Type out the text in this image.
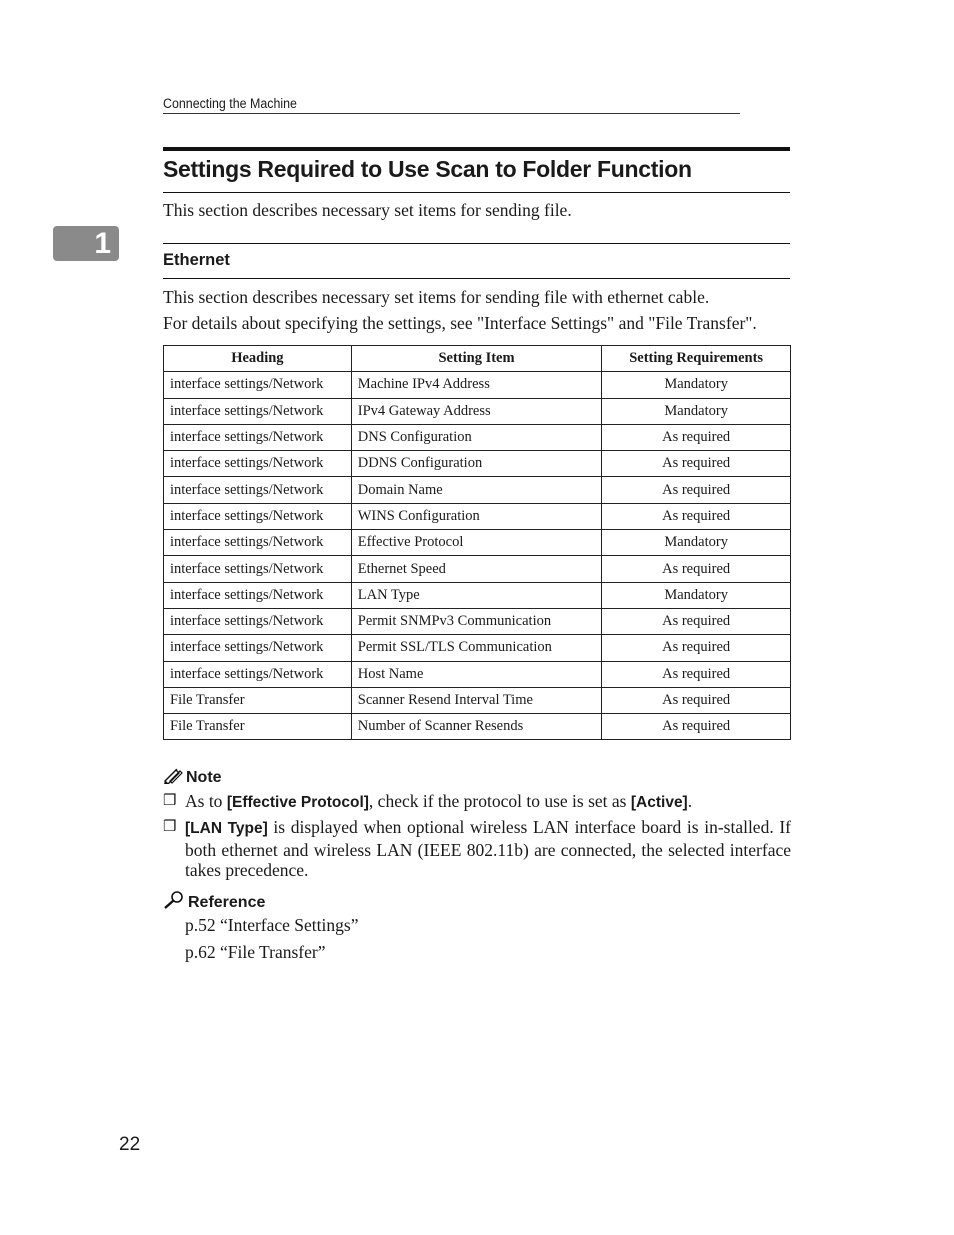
Connecting the Machine
Settings Required to Use Scan to Folder Function
This section describes necessary set items for sending file.
1	Ethernet
This section describes necessary set items for sending file with ethernet cable.
For details about specifying the settings, see "Interface Settings" and "File Transfer".
Heading	Setting Item	Setting Requirements
interface settings/Network	Machine IPv4 Address	Mandatory
interface settings/Network	IPv4 Gateway Address	Mandatory
interface settings/Network	DNS Configuration	As required
interface settings/Network	DDNS Configuration	As required
interface settings/Network	Domain Name	As required
interface settings/Network	WINS Configuration	As required
interface settings/Network	Effective Protocol	Mandatory
interface settings/Network	Ethernet Speed	As required
interface settings/Network	LAN Type	Mandatory
interface settings/Network	Permit SNMPv3 Communication	As required
interface settings/Network	Permit SSL/TLS Communication	As required
interface settings/Network	Host Name	As required
File Transfer	Scanner Resend Interval Time	As required
File Transfer	Number of Scanner Resends	As required
Note
❒ As to [Effective Protocol], check if the protocol to use is set as [Active].
❒ [LAN Type] is displayed when optional wireless LAN interface board is in-stalled. If both ethernet and wireless LAN (IEEE 802.11b) are connected, the selected interface takes precedence.
Reference
p.52 “Interface Settings”
p.62 “File Transfer”
22
